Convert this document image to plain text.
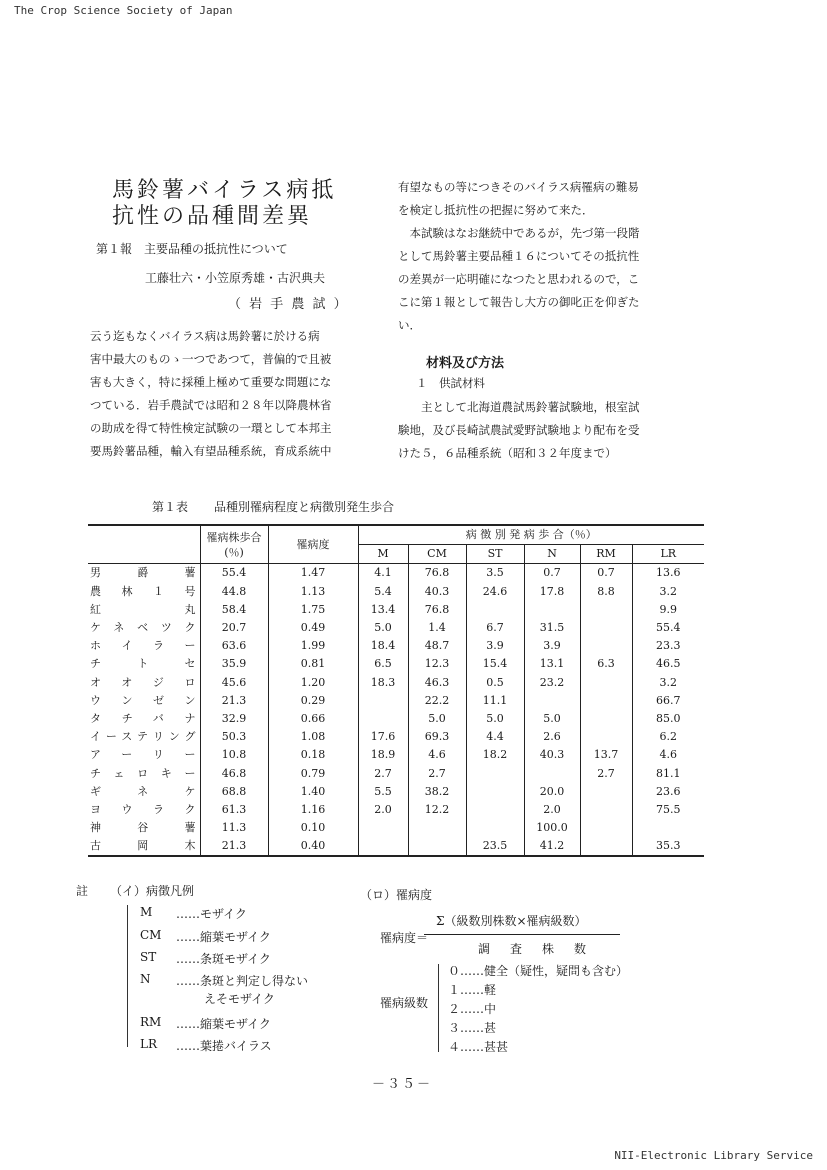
The Crop Science Society of Japan
馬鈴薯バイラス病抵
抗性の品種間差異
第１報　主要品種の抵抗性について
工藤壮六・小笠原秀雄・古沢典夫
（ 岩 手 農 試 ）
云う迄もなくバイラス病は馬鈴薯に於ける病
害中最大のものゝ一つであつて，普偏的で且被
害も大きく，特に採種上極めて重要な問題にな
つている．岩手農試では昭和２８年以降農林省
の助成を得て特性検定試験の一環として本邦主
要馬鈴薯品種，輸入有望品種系統，育成系統中
有望なもの等につきそのバイラス病罹病の難易
を検定し抵抗性の把握に努めて来た．
　本試験はなお継続中であるが，先づ第一段階
として馬鈴薯主要品種１６についてその抵抗性
の差異が一応明確になつたと思われるので，こ
こに第１報として報告し大方の御叱正を仰ぎた
い．
材料及び方法
１　供試材料
　　主として北海道農試馬鈴薯試験地，根室試
験地，及び長崎試農試愛野試験地より配布を受
けた５，６品種系統（昭和３２年度まで）
第１表 品種別罹病程度と病徴別発生歩合
	罹病株歩合(％)	罹病度	病 徴 別 発 病 歩 合（％）					
			M	CM	ST	N	RM	LR
男爵薯	55.4	1.47	4.1	76.8	3.5	0.7	0.7	13.6
農林１号	44.8	1.13	5.4	40.3	24.6	17.8	8.8	3.2
紅丸	58.4	1.75	13.4	76.8				9.9
ケネベツク	20.7	0.49	5.0	1.4	6.7	31.5		55.4
ホイラー	63.6	1.99	18.4	48.7	3.9	3.9		23.3
チトセ	35.9	0.81	6.5	12.3	15.4	13.1	6.3	46.5
オオジロ	45.6	1.20	18.3	46.3	0.5	23.2		3.2
ウンゼン	21.3	0.29		22.2	11.1			66.7
タチバナ	32.9	0.66		5.0	5.0	5.0		85.0
イーステリング	50.3	1.08	17.6	69.3	4.4	2.6		6.2
アーリー	10.8	0.18	18.9	4.6	18.2	40.3	13.7	4.6
チェロキー	46.8	0.79	2.7	2.7			2.7	81.1
ギネケ	68.8	1.40	5.5	38.2		20.0		23.6
ヨウラク	61.3	1.16	2.0	12.2		2.0		75.5
神谷薯	11.3	0.10				100.0		
古岡木	21.3	0.40			23.5	41.2		35.3
註 （イ）病徴凡例
M ……モザイク
CM ……縮葉モザイク
ST ……条斑モザイク
N ……条斑と判定し得ない
えそモザイク
RM ……縮葉モザイク
LR ……葉捲バイラス
（ロ）罹病度
罹病度＝
Σ（級数別株数×罹病級数）
調　査　株　数
罹病級数
０……健全（疑性，疑問も含む）
１……軽
２……中
３……甚
４……甚甚
－３５－
NII-Electronic Library Service
